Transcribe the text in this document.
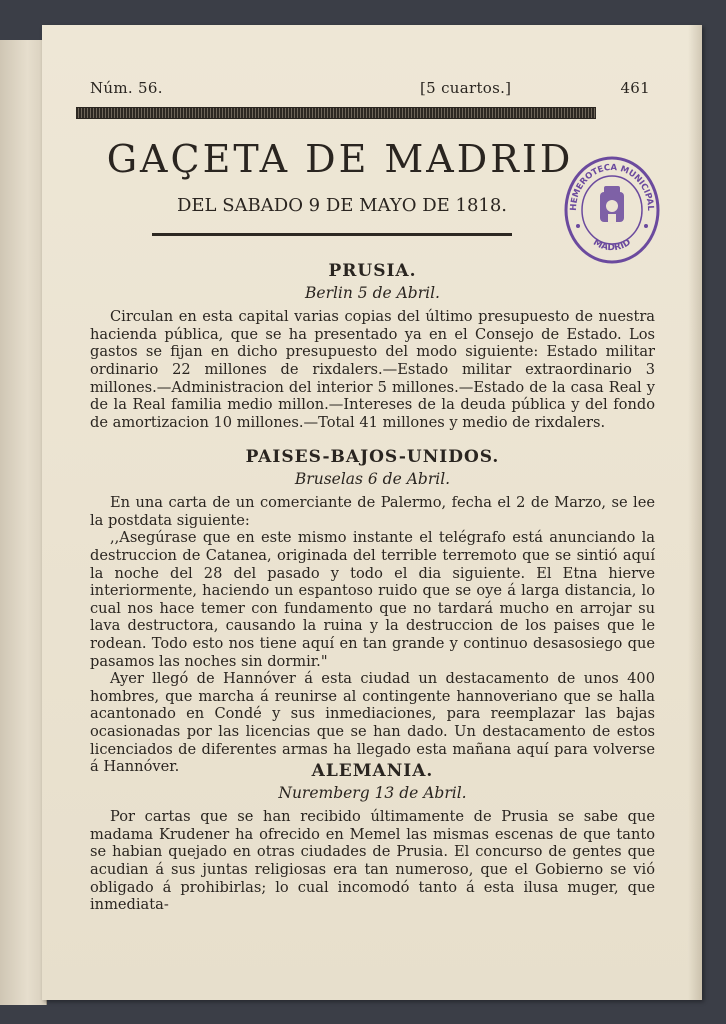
Núm. 56.	[5 cuartos.]	461
GAÇETA DE MADRID
DEL SABADO 9 DE MAYO DE 1818.	HEMEROTECA MUNICIPAL
MADRID
PRUSIA.
Berlin 5 de Abril.

Circulan en esta capital varias copias del último presupuesto de nuestra hacienda pública, que se ha presentado ya en el Consejo de Estado. Los gastos se fijan en dicho presupuesto del modo siguiente: Estado militar ordinario 22 millones de rixdalers.—Estado militar extraordinario 3 millones.—Administracion del interior 5 millones.—Estado de la casa Real y de la Real familia medio millon.—Intereses de la deuda pública y del fondo de amortizacion 10 millones.—Total 41 millones y medio de rixdalers.

PAISES-BAJOS-UNIDOS.
Bruselas 6 de Abril.

En una carta de un comerciante de Palermo, fecha el 2 de Marzo, se lee la postdata siguiente:

,,Asegúrase que en este mismo instante el telégrafo está anunciando la destruccion de Catanea, originada del terrible terremoto que se sintió aquí la noche del 28 del pasado y todo el dia siguiente. El Etna hierve interiormente, haciendo un espantoso ruido que se oye á larga distancia, lo cual nos hace temer con fundamento que no tardará mucho en arrojar su lava destructora, causando la ruina y la destruccion de los paises que le rodean. Todo esto nos tiene aquí en tan grande y continuo desasosiego que pasamos las noches sin dormir."

Ayer llegó de Hannóver á esta ciudad un destacamento de unos 400 hombres, que marcha á reunirse al contingente hannoveriano que se halla acantonado en Condé y sus inmediaciones, para reemplazar las bajas ocasionadas por las licencias que se han dado. Un destacamento de estos licenciados de diferentes armas ha llegado esta mañana aquí para volverse á Hannóver.	ALEMANIA.
Nuremberg 13 de Abril.

Por cartas que se han recibido últimamente de Prusia se sabe que madama Krudener ha ofrecido en Memel las mismas escenas de que tanto se habian quejado en otras ciudades de Prusia. El concurso de gentes que acudian á sus juntas religiosas era tan numeroso, que el Gobierno se vió obligado á prohibirlas; lo cual incomodó tanto á esta ilusa muger, que inmediata-
